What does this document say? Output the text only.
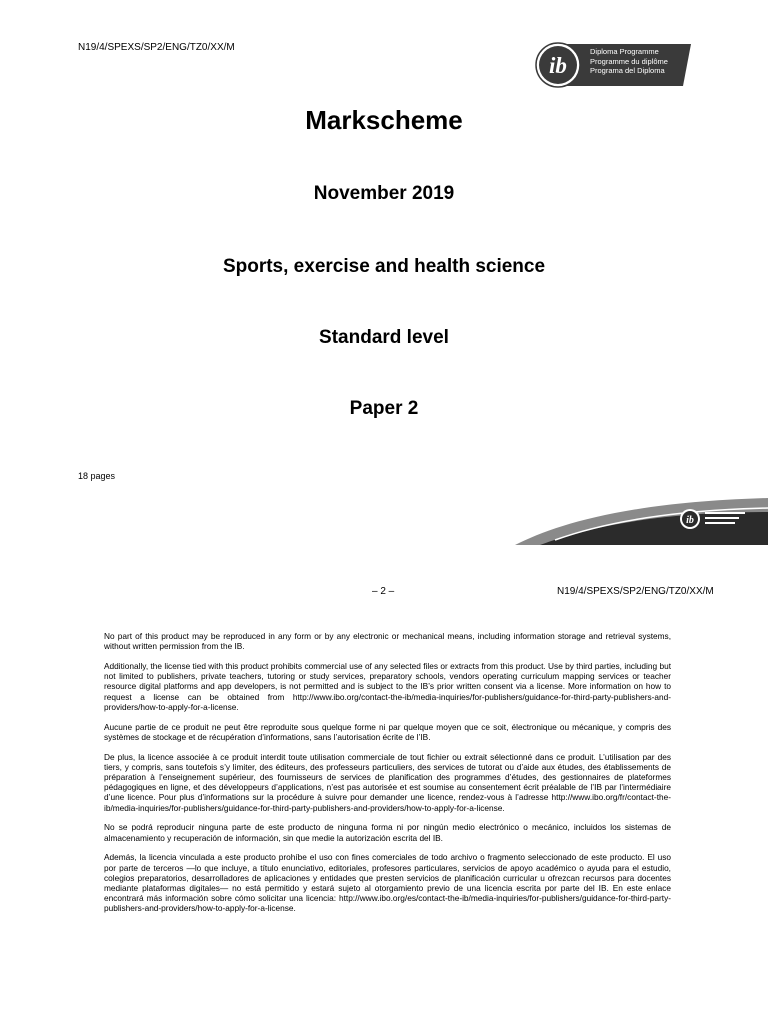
N19/4/SPEXS/SP2/ENG/TZ0/XX/M
ib
Diploma Programme
Programme du diplôme
Programa del Diploma
Markscheme
November 2019
Sports, exercise and health science
Standard level
Paper 2
18 pages
ib
– 2 –	N19/4/SPEXS/SP2/ENG/TZ0/XX/M

No part of this product may be reproduced in any form or by any electronic or mechanical means, including information storage and retrieval systems, without written permission from the IB.

Additionally, the license tied with this product prohibits commercial use of any selected files or extracts from this product. Use by third parties, including but not limited to publishers, private teachers, tutoring or study services, preparatory schools, vendors operating curriculum mapping services or teacher resource digital platforms and app developers, is not permitted and is subject to the IB’s prior written consent via a license. More information on how to request a license can be obtained from http://www.ibo.org/contact-the-ib/media-inquiries/for-publishers/guidance-for-third-party-publishers-and-providers/how-to-apply-for-a-license.

Aucune partie de ce produit ne peut être reproduite sous quelque forme ni par quelque moyen que ce soit, électronique ou mécanique, y compris des systèmes de stockage et de récupération d’informations, sans l’autorisation écrite de l’IB.

De plus, la licence associée à ce produit interdit toute utilisation commerciale de tout fichier ou extrait sélectionné dans ce produit. L’utilisation par des tiers, y compris, sans toutefois s’y limiter, des éditeurs, des professeurs particuliers, des services de tutorat ou d’aide aux études, des établissements de préparation à l’enseignement supérieur, des fournisseurs de services de planification des programmes d’études, des gestionnaires de plateformes pédagogiques en ligne, et des développeurs d’applications, n’est pas autorisée et est soumise au consentement écrit préalable de l’IB par l’intermédiaire d’une licence. Pour plus d’informations sur la procédure à suivre pour demander une licence, rendez-vous à l’adresse http://www.ibo.org/fr/contact-the-ib/media-inquiries/for-publishers/guidance-for-third-party-publishers-and-providers/how-to-apply-for-a-license.

No se podrá reproducir ninguna parte de este producto de ninguna forma ni por ningún medio electrónico o mecánico, incluidos los sistemas de almacenamiento y recuperación de información, sin que medie la autorización escrita del IB.

Además, la licencia vinculada a este producto prohíbe el uso con fines comerciales de todo archivo o fragmento seleccionado de este producto. El uso por parte de terceros —lo que incluye, a título enunciativo, editoriales, profesores particulares, servicios de apoyo académico o ayuda para el estudio, colegios preparatorios, desarrolladores de aplicaciones y entidades que presten servicios de planificación curricular u ofrezcan recursos para docentes mediante plataformas digitales— no está permitido y estará sujeto al otorgamiento previo de una licencia escrita por parte del IB. En este enlace encontrará más información sobre cómo solicitar una licencia: http://www.ibo.org/es/contact-the-ib/media-inquiries/for-publishers/guidance-for-third-party-publishers-and-providers/how-to-apply-for-a-license.
